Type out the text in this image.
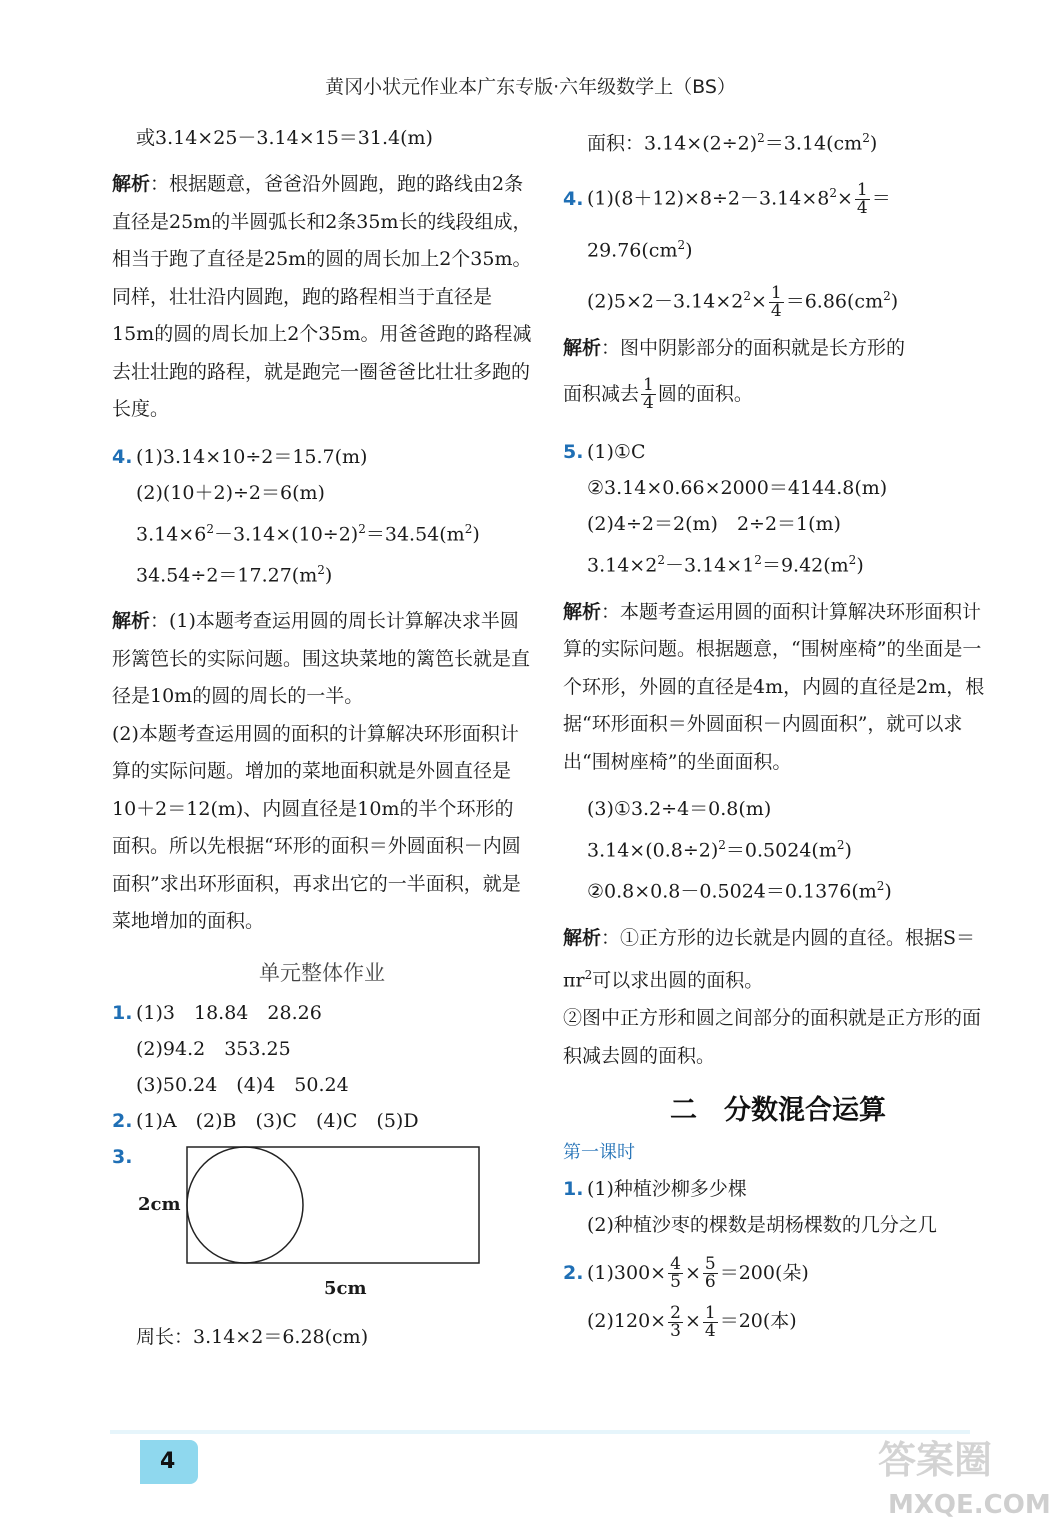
黄冈小状元作业本广东专版·六年级数学上（BS）
或3.14×25－3.14×15＝31.4(m)
解析：根据题意，爸爸沿外圆跑，跑的路线由2条直径是25m的半圆弧长和2条35m长的线段组成，相当于跑了直径是25m的圆的周长加上2个35m。同样，壮壮沿内圆跑，跑的路程相当于直径是15m的圆的周长加上2个35m。用爸爸跑的路程减去壮壮跑的路程，就是跑完一圈爸爸比壮壮多跑的长度。
4. (1)3.14×10÷2＝15.7(m)
(2)(10＋2)÷2＝6(m)
$3.14\times 6^2-3.14\times(10\div 2)^2=34.54(m^2)$
$34.54\div 2=17.27(m^2)$
解析：(1)本题考查运用圆的周长计算解决求半圆形篱笆长的实际问题。围这块菜地的篱笆长就是直径是10m的圆的周长的一半。
(2)本题考查运用圆的面积的计算解决环形面积计算的实际问题。增加的菜地面积就是外圆直径是10＋2＝12(m)、内圆直径是10m的半个环形的面积。所以先根据“环形的面积＝外圆面积－内圆面积”求出环形面积，再求出它的一半面积，就是菜地增加的面积。
单元整体作业
1. (1)3　18.84　28.26
(2)94.2　353.25
(3)50.24　(4)4　50.24
2. (1)A　(2)B　(3)C　(4)C　(5)D
3.
2cm
5cm
周长：3.14×2＝6.28(cm)
面积：$3.14\times(2\div 2)^2=3.14(cm^2)$
4. $(1)(8+12)\times 8\div 2-3.14\times 8^2\times \frac{1}{4}$ ＝
$29.76(cm^2)$
$(2)5\times 2-3.14\times 2^2\times \frac{1}{4} =6.86(cm^2)$
解析：图中阴影部分的面积就是长方形的
面积减去 $\frac{1}{4}$ 圆的面积。
5. (1)①C
②3.14×0.66×2000＝4144.8(m)
(2)4÷2＝2(m)　2÷2＝1(m)
$3.14\times 2^2-3.14\times 1^2=9.42(m^2)$
解析：本题考查运用圆的面积计算解决环形面积计算的实际问题。根据题意，“围树座椅”的坐面是一个环形，外圆的直径是4m，内圆的直径是2m，根据“环形面积＝外圆面积－内圆面积”，就可以求出“围树座椅”的坐面面积。
(3)①3.2÷4＝0.8(m)
$3.14\times(0.8\div 2)^2=0.5024(m^2)$
$②0.8\times 0.8-0.5024=0.1376(m^2)$
解析：①正方形的边长就是内圆的直径。根据$S=\pi r^2$可以求出圆的面积。
②图中正方形和圆之间部分的面积就是正方形的面积减去圆的面积。
二　分数混合运算
第一课时
1. (1)种植沙柳多少棵
(2)种植沙枣的棵数是胡杨棵数的几分之几
2. $(1)300\times \frac{4}{5} \times \frac{5}{6} =200$(朵)
$(2)120\times \frac{2}{3} \times \frac{1}{4} =20$(本)
4	答案圈
MXQE.COM
